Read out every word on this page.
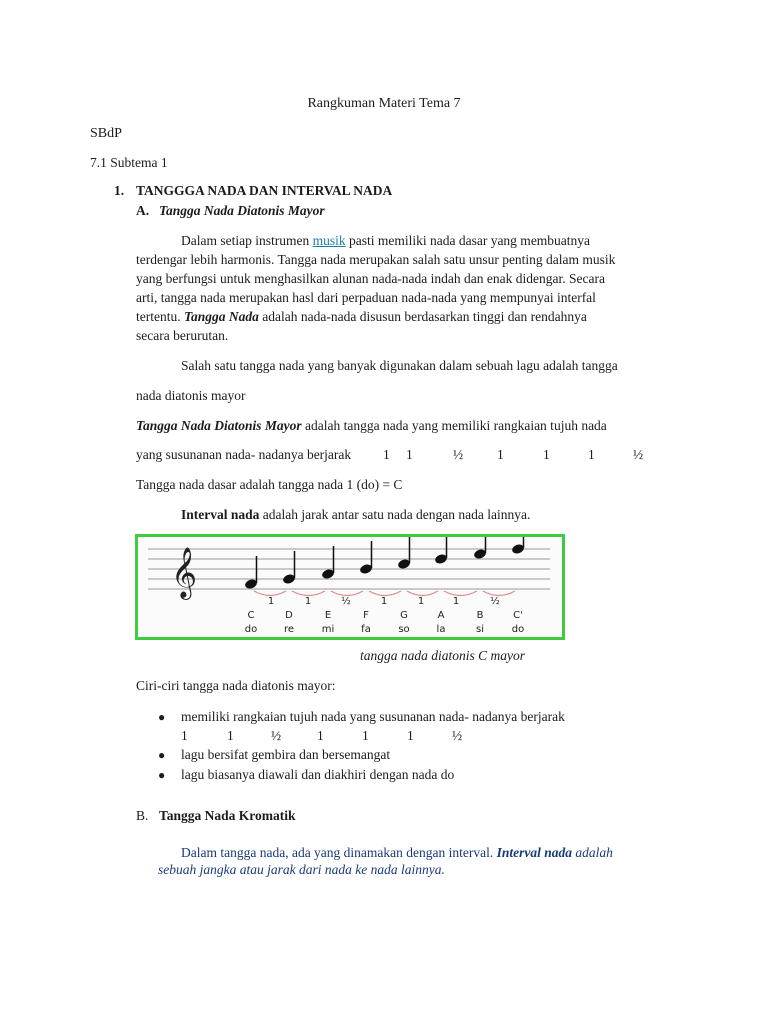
Rangkuman Materi Tema 7
SBdP
7.1 Subtema 1
1. TANGGGA NADA DAN INTERVAL NADA
A. Tangga Nada Diatonis Mayor
Dalam setiap instrumen musik pasti memiliki nada dasar yang membuatnya
terdengar lebih harmonis. Tangga nada merupakan salah satu unsur penting dalam musik
yang berfungsi untuk menghasilkan alunan nada-nada indah dan enak didengar. Secara
arti, tangga nada merupakan hasl dari perpaduan nada-nada yang mempunyai interfal
tertentu. Tangga Nada adalah nada-nada disusun berdasarkan tinggi dan rendahnya
secara berurutan.
Salah satu tangga nada yang banyak digunakan dalam sebuah lagu adalah tangga
nada diatonis mayor
Tangga Nada Diatonis Mayor adalah tangga nada yang memiliki rangkaian tujuh nada
yang susunanan nada- nadanya berjarak 1 1	½	1	1	1	½
Tangga nada dasar adalah tangga nada 1 (do) = C
Interval nada adalah jarak antar satu nada dengan nada lainnya.
𝄞
1	1	½	1	1	1	½
C	D	E	F	G	A	B	C'
do	re	mi	fa	so	la	si	do
tangga nada diatonis C mayor
Ciri-ciri tangga nada diatonis mayor:
● memiliki rangkaian tujuh nada yang susunanan nada- nadanya berjarak
1	1	½	1	1	1	½
● lagu bersifat gembira dan bersemangat
● lagu biasanya diawali dan diakhiri dengan nada do
B. Tangga Nada Kromatik
Dalam tangga nada, ada yang dinamakan dengan interval. Interval nada adalah
sebuah jangka atau jarak dari nada ke nada lainnya.
